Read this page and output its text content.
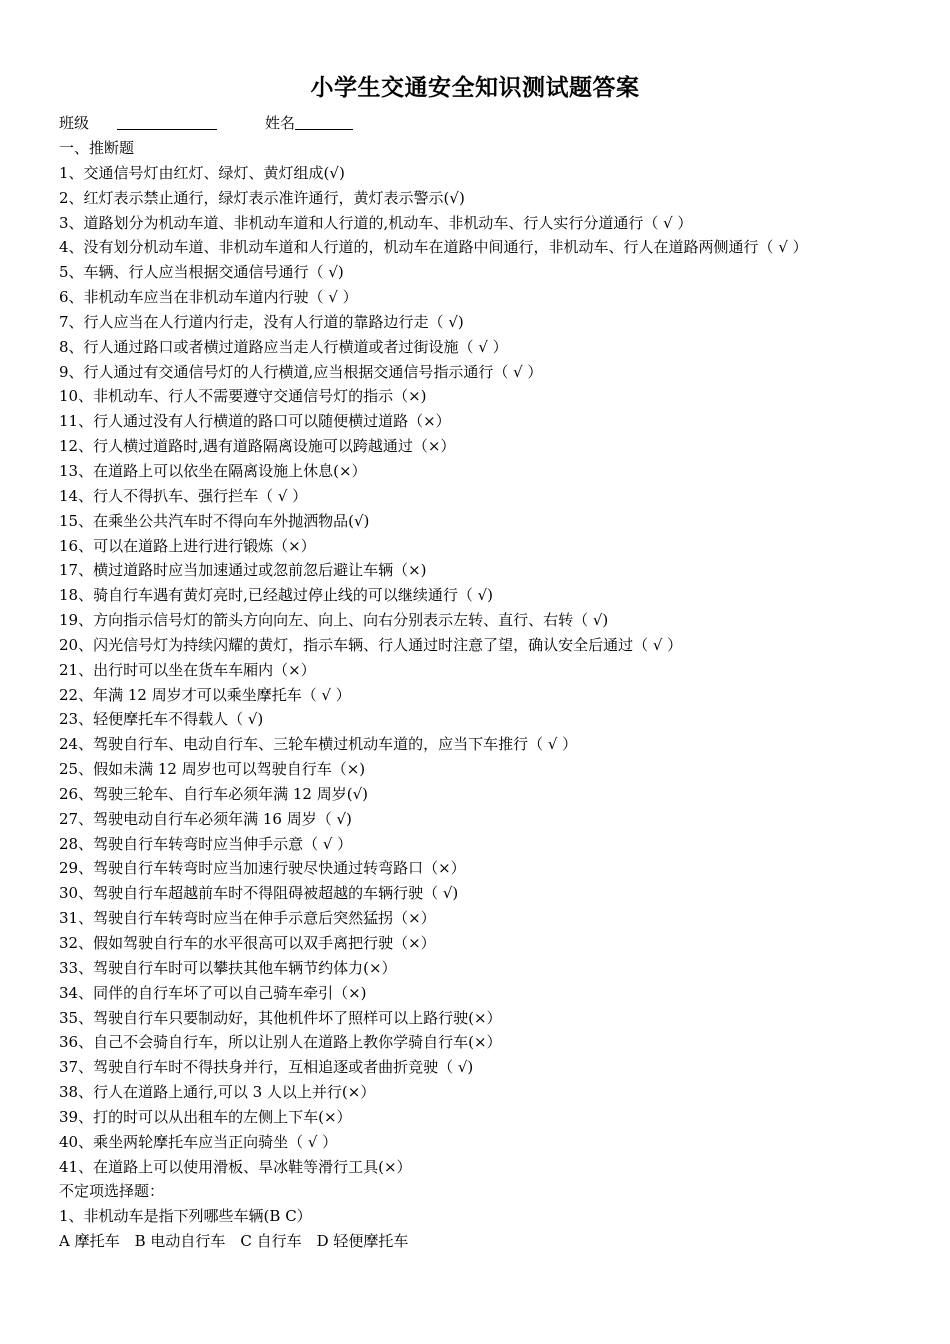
小学生交通安全知识测试题答案
班级	姓名
一、推断题
1、交通信号灯由红灯、绿灯、黄灯组成(√)
2、红灯表示禁止通行，绿灯表示准许通行，黄灯表示警示(√)
3、道路划分为机动车道、非机动车道和人行道的,机动车、非机动车、行人实行分道通行（ √ ）
4、没有划分机动车道、非机动车道和人行道的，机动车在道路中间通行，非机动车、行人在道路两侧通行（ √ ）
5、车辆、行人应当根据交通信号通行（ √)
6、非机动车应当在非机动车道内行驶（ √ ）
7、行人应当在人行道内行走，没有人行道的靠路边行走（ √)
8、行人通过路口或者横过道路应当走人行横道或者过街设施（ √ ）
9、行人通过有交通信号灯的人行横道,应当根据交通信号指示通行（ √ ）
10、非机动车、行人不需要遵守交通信号灯的指示（×)
11、行人通过没有人行横道的路口可以随便横过道路（×）
12、行人横过道路时,遇有道路隔离设施可以跨越通过（×）
13、在道路上可以依坐在隔离设施上休息(×）
14、行人不得扒车、强行拦车（ √ ）
15、在乘坐公共汽车时不得向车外抛洒物品(√)
16、可以在道路上进行进行锻炼（×）
17、横过道路时应当加速通过或忽前忽后避让车辆（×)
18、骑自行车遇有黄灯亮时,已经越过停止线的可以继续通行（ √)
19、方向指示信号灯的箭头方向向左、向上、向右分别表示左转、直行、右转（ √)
20、闪光信号灯为持续闪耀的黄灯，指示车辆、行人通过时注意了望，确认安全后通过（ √ ）
21、出行时可以坐在货车车厢内（×）
22、年满 12 周岁才可以乘坐摩托车（ √ ）
23、轻便摩托车不得载人（ √)
24、驾驶自行车、电动自行车、三轮车横过机动车道的，应当下车推行（ √ ）
25、假如未满 12 周岁也可以驾驶自行车（×)
26、驾驶三轮车、自行车必须年满 12 周岁(√)
27、驾驶电动自行车必须年满 16 周岁（ √)
28、驾驶自行车转弯时应当伸手示意（ √ ）
29、驾驶自行车转弯时应当加速行驶尽快通过转弯路口（×）
30、驾驶自行车超越前车时不得阻碍被超越的车辆行驶（ √)
31、驾驶自行车转弯时应当在伸手示意后突然猛拐（×）
32、假如驾驶自行车的水平很高可以双手离把行驶（×）
33、驾驶自行车时可以攀扶其他车辆节约体力(×）
34、同伴的自行车坏了可以自己骑车牵引（×)
35、驾驶自行车只要制动好，其他机件坏了照样可以上路行驶(×）
36、自己不会骑自行车，所以让别人在道路上教你学骑自行车(×）
37、驾驶自行车时不得扶身并行，互相追逐或者曲折竞驶（ √)
38、行人在道路上通行,可以 3 人以上并行(×）
39、打的时可以从出租车的左侧上下车(×）
40、乘坐两轮摩托车应当正向骑坐（ √ ）
41、在道路上可以使用滑板、旱冰鞋等滑行工具(×）
不定项选择题：
1、非机动车是指下列哪些车辆(B C）
A 摩托车　B 电动自行车　C 自行车　D 轻便摩托车
